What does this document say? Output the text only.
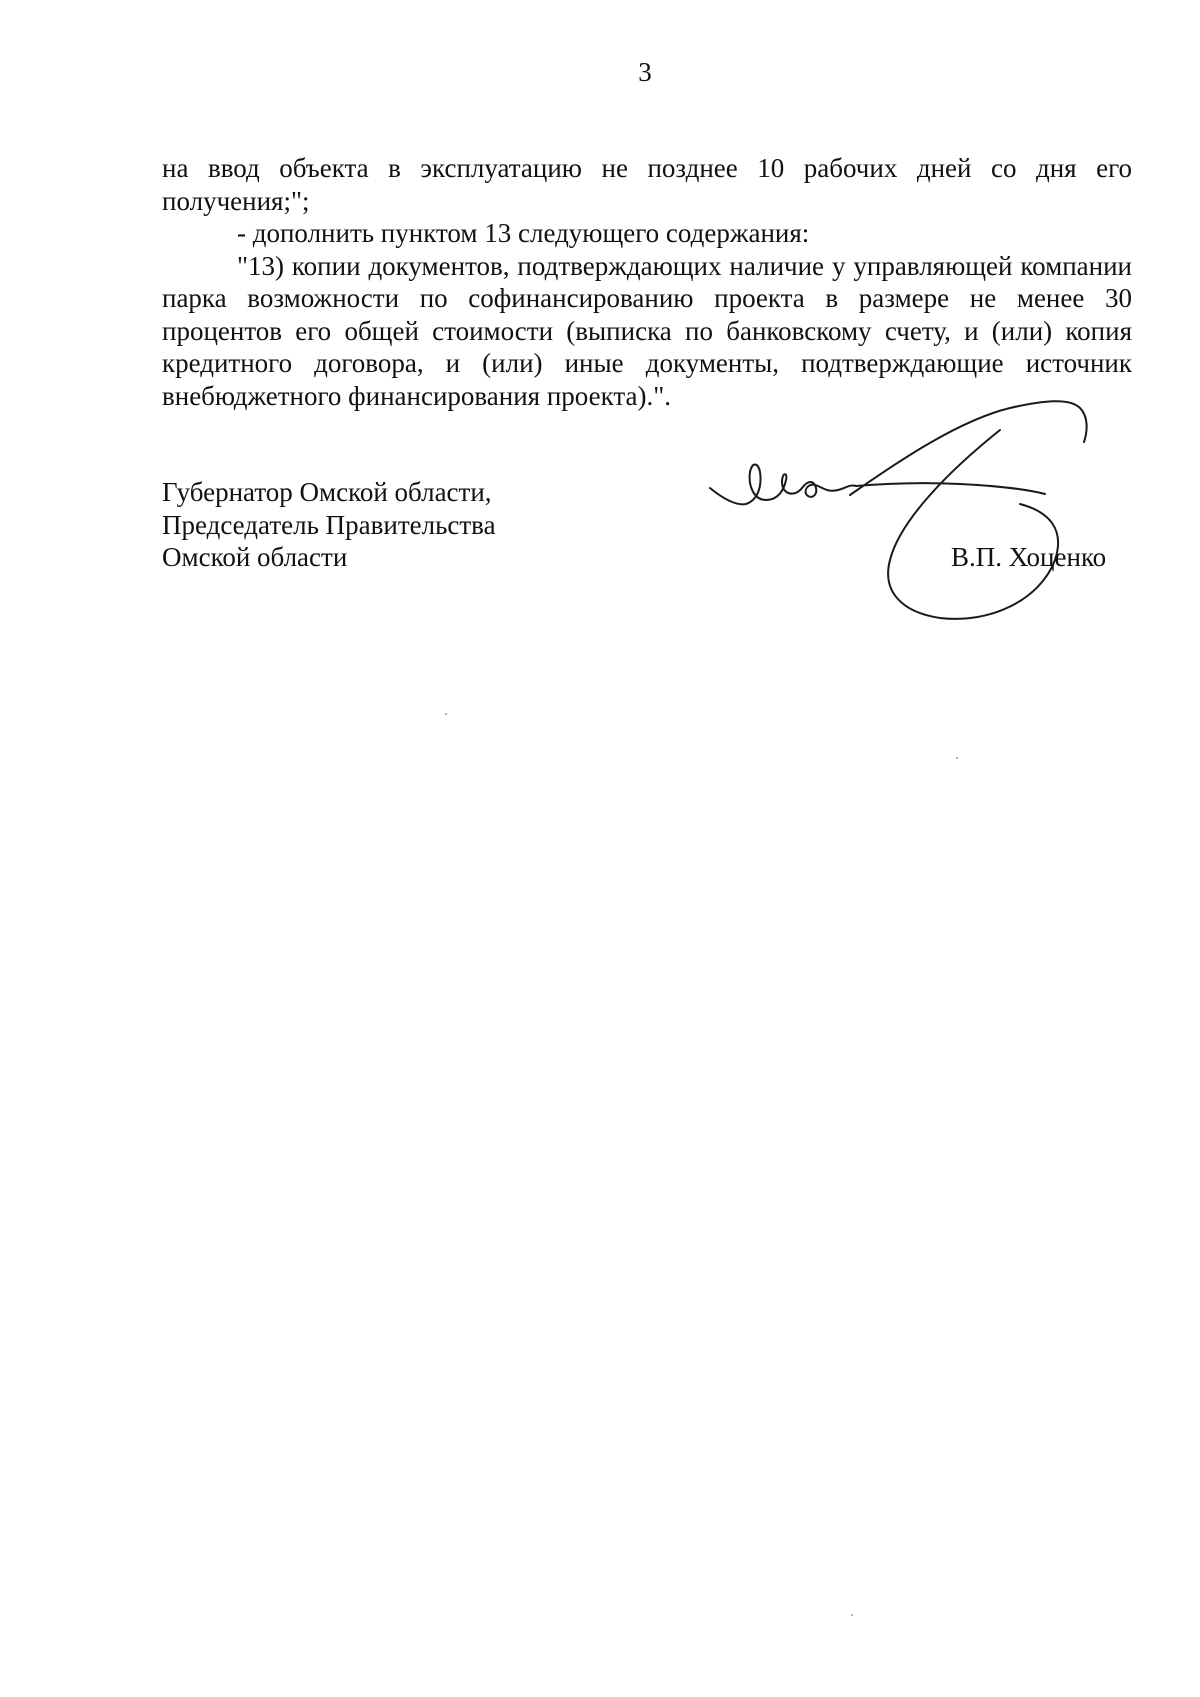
3

на ввод объекта в эксплуатацию не позднее 10 рабочих дней со дня его получения;";

- дополнить пунктом 13 следующего содержания:

"13) копии документов, подтверждающих наличие у управляющей компании парка возможности по софинансированию проекта в размере не менее 30 процентов его общей стоимости (выписка по банковскому счету, и (или) копия кредитного договора, и (или) иные документы, подтверждающие источник внебюджетного финансирования проекта).".

Губернатор Омской области,
Председатель Правительства
Омской области	В.П. Хоценко
